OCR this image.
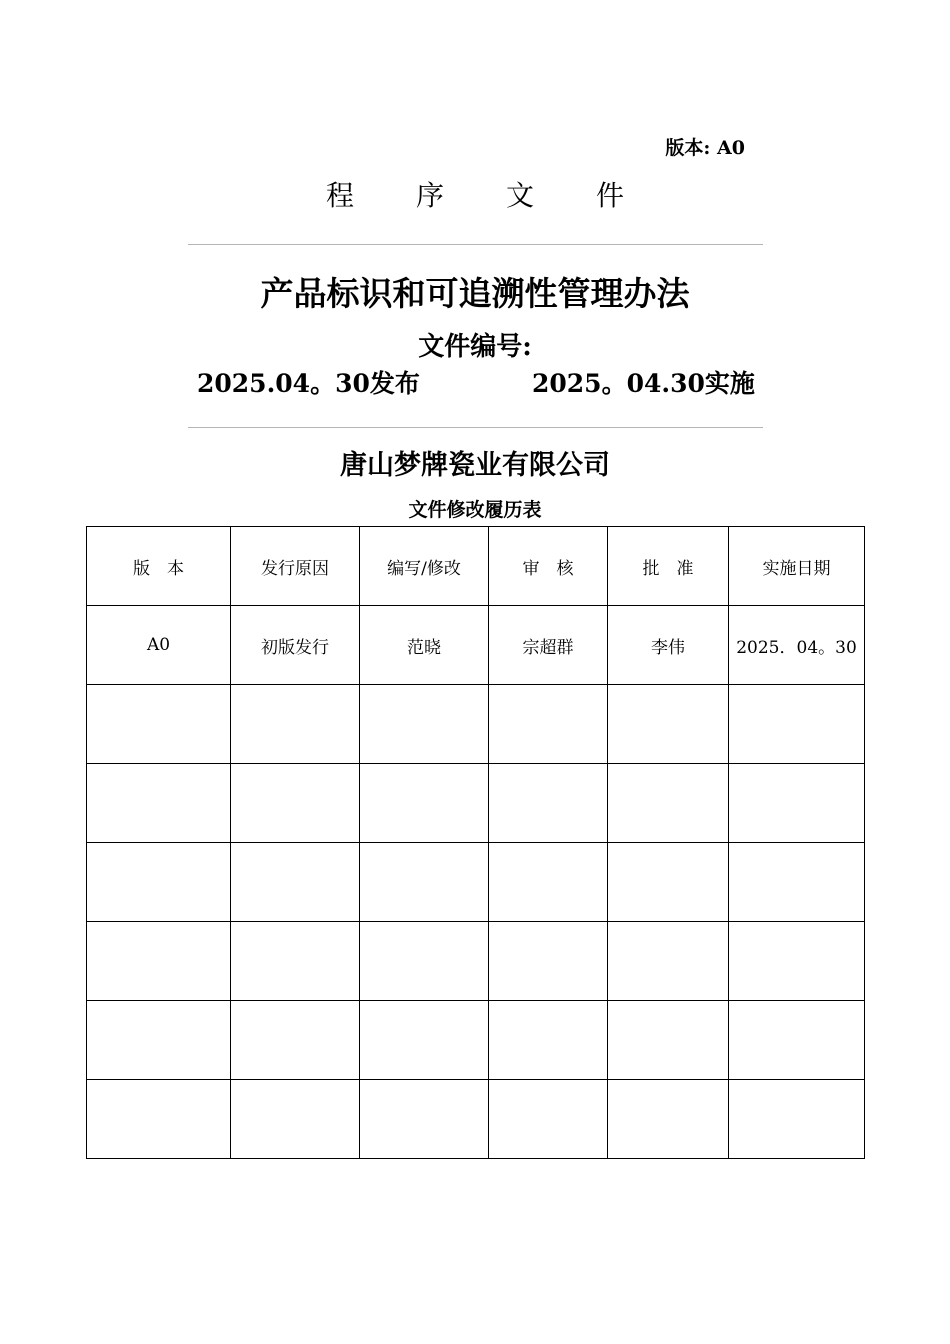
版本: A0
程 序 文 件
产品标识和可追溯性管理办法
文件编号:
2025.04。30发布	2025。04.30实施
唐山梦牌瓷业有限公司
文件修改履历表
版　本	发行原因	编写/修改	审　核	批　准	实施日期
A0	初版发行	范晓	宗超群	李伟	2025．04。30
